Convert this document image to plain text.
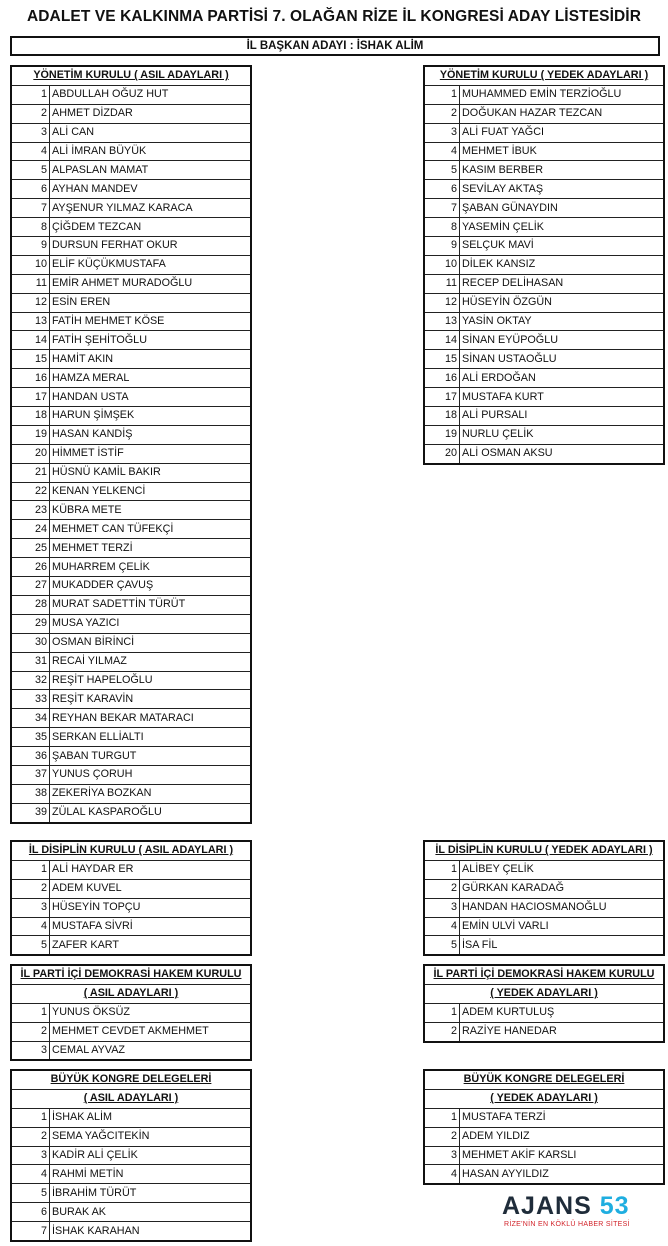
ADALET VE KALKINMA PARTİSİ 7. OLAĞAN RİZE İL KONGRESİ ADAY LİSTESİDİR
İL BAŞKAN ADAYI : İSHAK ALİM
YÖNETİM KURULU ( ASIL ADAYLARI )	
1	ABDULLAH OĞUZ HUT
2	AHMET DİZDAR
3	ALİ CAN
4	ALİ İMRAN BÜYÜK
5	ALPASLAN MAMAT
6	AYHAN MANDEV
7	AYŞENUR YILMAZ KARACA
8	ÇİĞDEM TEZCAN
9	DURSUN FERHAT OKUR
10	ELİF KÜÇÜKMUSTAFA
11	EMİR AHMET MURADOĞLU
12	ESİN EREN
13	FATİH MEHMET KÖSE
14	FATİH ŞEHİTOĞLU
15	HAMİT AKIN
16	HAMZA MERAL
17	HANDAN USTA
18	HARUN ŞİMŞEK
19	HASAN KANDİŞ
20	HİMMET İSTİF
21	HÜSNÜ KAMİL BAKIR
22	KENAN YELKENCİ
23	KÜBRA METE
24	MEHMET CAN TÜFEKÇİ
25	MEHMET TERZİ
26	MUHARREM ÇELİK
27	MUKADDER ÇAVUŞ
28	MURAT SADETTİN TÜRÜT
29	MUSA YAZICI
30	OSMAN BİRİNCİ
31	RECAİ YILMAZ
32	REŞİT HAPELOĞLU
33	REŞİT KARAVİN
34	REYHAN BEKAR MATARACI
35	SERKAN ELLİALTI
36	ŞABAN TURGUT
37	YUNUS ÇORUH
38	ZEKERİYA BOZKAN
39	ZÜLAL KASPAROĞLU
YÖNETİM KURULU ( YEDEK ADAYLARI )	
1	MUHAMMED EMİN TERZİOĞLU
2	DOĞUKAN HAZAR TEZCAN
3	ALİ FUAT YAĞCI
4	MEHMET İBUK
5	KASIM BERBER
6	SEVİLAY AKTAŞ
7	ŞABAN GÜNAYDIN
8	YASEMİN ÇELİK
9	SELÇUK MAVİ
10	DİLEK KANSIZ
11	RECEP DELİHASAN
12	HÜSEYİN ÖZGÜN
13	YASİN OKTAY
14	SİNAN EYÜPOĞLU
15	SİNAN USTAOĞLU
16	ALİ ERDOĞAN
17	MUSTAFA KURT
18	ALİ PURSALI
19	NURLU ÇELİK
20	ALİ OSMAN AKSU
İL DİSİPLİN KURULU ( ASIL ADAYLARI )	
1	ALİ HAYDAR ER
2	ADEM KUVEL
3	HÜSEYİN TOPÇU
4	MUSTAFA SİVRİ
5	ZAFER KART
İL DİSİPLİN KURULU ( YEDEK ADAYLARI )	
1	ALİBEY ÇELİK
2	GÜRKAN KARADAĞ
3	HANDAN HACIOSMANOĞLU
4	EMİN ULVİ VARLI
5	İSA FİL
İL PARTİ İÇİ DEMOKRASİ HAKEM KURULU	
( ASIL ADAYLARI )	
1	YUNUS ÖKSÜZ
2	MEHMET CEVDET AKMEHMET
3	CEMAL AYVAZ
İL PARTİ İÇİ DEMOKRASİ HAKEM KURULU	
( YEDEK ADAYLARI )	
1	ADEM KURTULUŞ
2	RAZİYE HANEDAR
BÜYÜK KONGRE DELEGELERİ	
( ASIL ADAYLARI )	
1	İSHAK ALİM
2	SEMA YAĞCITEKİN
3	KADİR ALİ ÇELİK
4	RAHMİ METİN
5	İBRAHİM TÜRÜT
6	BURAK AK
7	İSHAK KARAHAN
BÜYÜK KONGRE DELEGELERİ	
( YEDEK ADAYLARI )	
1	MUSTAFA TERZİ
2	ADEM YILDIZ
3	MEHMET AKİF KARSLI
4	HASAN AYYILDIZ
AJANS 53
RİZE'NİN EN KÖKLÜ HABER SİTESİ
